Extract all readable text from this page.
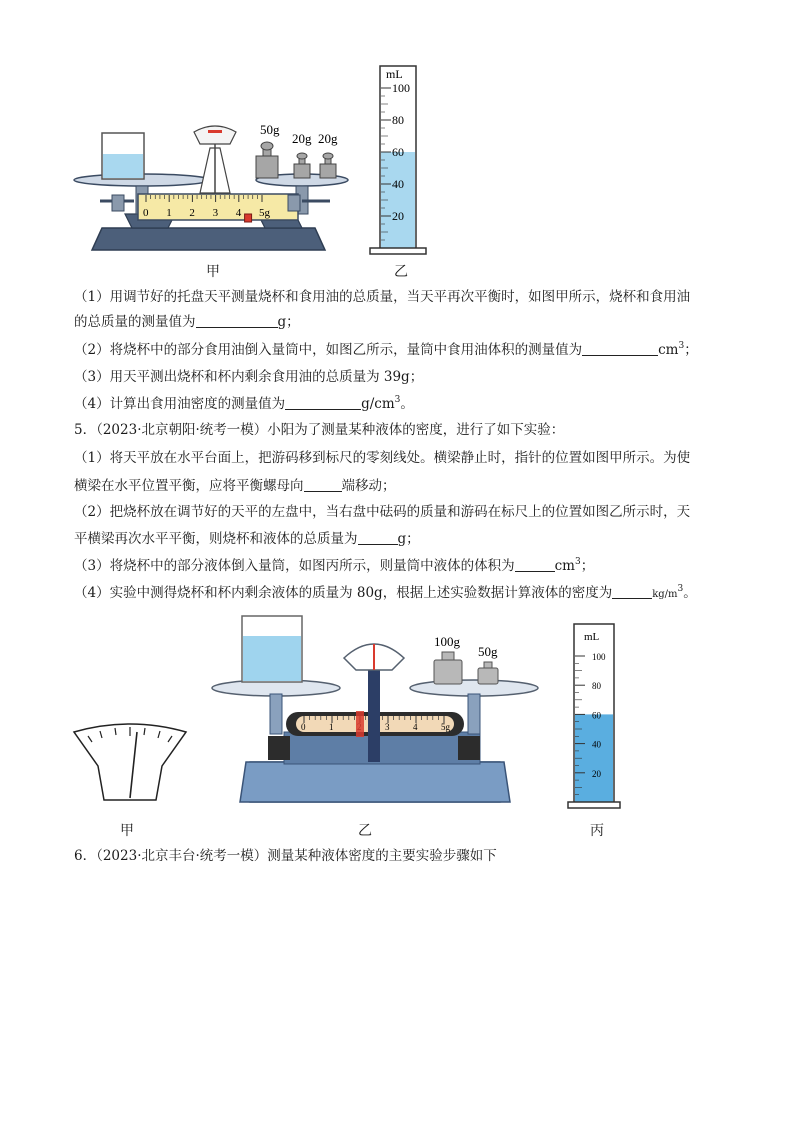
0 1 2 3 4 5g
50g
20g 20g
mL
100
80
60
40
20
甲	乙
（1）用调节好的托盘天平测量烧杯和食用油的总质量，当天平再次平衡时，如图甲所示，烧杯和食用油
的总质量的测量值为	g；
（2）将烧杯中的部分食用油倒入量筒中，如图乙所示，量筒中食用油体积的测量值为	$cm^3$；
（3）用天平测出烧杯和杯内剩余食用油的总质量为 39g；
（4）计算出食用油密度的测量值为	$g/cm^3$。
5．（2023·北京朝阳·统考一模）小阳为了测量某种液体的密度，进行了如下实验：
（1）将天平放在水平台面上，把游码移到标尺的零刻线处。横梁静止时，指针的位置如图甲所示。为使
横梁在水平位置平衡，应将平衡螺母向	端移动；
（2）把烧杯放在调节好的天平的左盘中，当右盘中砝码的质量和游码在标尺上的位置如图乙所示时，天
平横梁再次水平平衡，则烧杯和液体的总质量为	g；
（3）将烧杯中的部分液体倒入量筒，如图丙所示，则量筒中液体的体积为	$cm^3$；
（4）实验中测得烧杯和杯内剩余液体的质量为 80g，根据上述实验数据计算液体的密度为	$kg/m^3$。
0	1	3	4	5g
100g
50g
mL
100
80
60
40
20
甲	乙	丙
6．（2023·北京丰台·统考一模）测量某种液体密度的主要实验步骤如下
